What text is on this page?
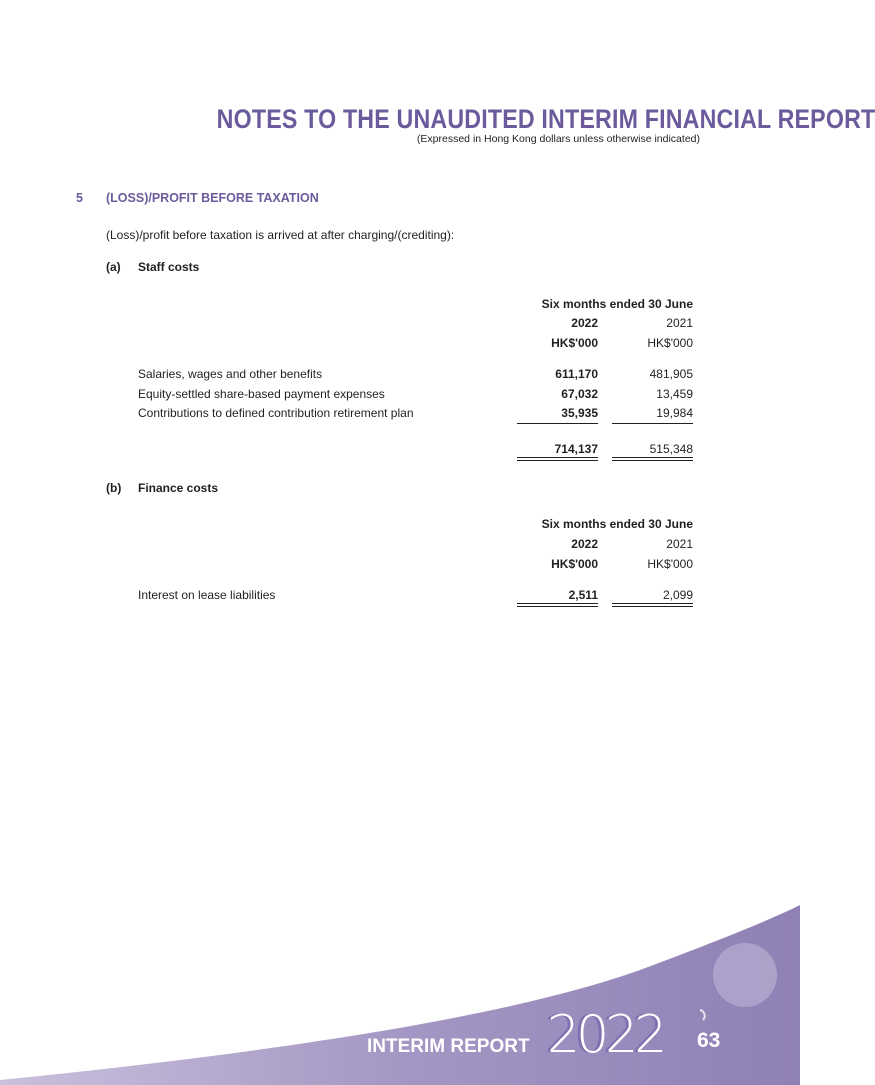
NOTES TO THE UNAUDITED INTERIM FINANCIAL REPORT
(Expressed in Hong Kong dollars unless otherwise indicated)
5 (LOSS)/PROFIT BEFORE TAXATION
(Loss)/profit before taxation is arrived at after charging/(crediting):
(a) Staff costs
Six months ended 30 June
2022	2021
HK$'000	HK$'000
Salaries, wages and other benefits	611,170	481,905
Equity-settled share-based payment expenses	67,032	13,459
Contributions to defined contribution retirement plan	35,935	19,984
714,137	515,348
(b) Finance costs
Six months ended 30 June
2022	2021
HK$'000	HK$'000
Interest on lease liabilities	2,511	2,099
INTERIM REPORT 2022 63
